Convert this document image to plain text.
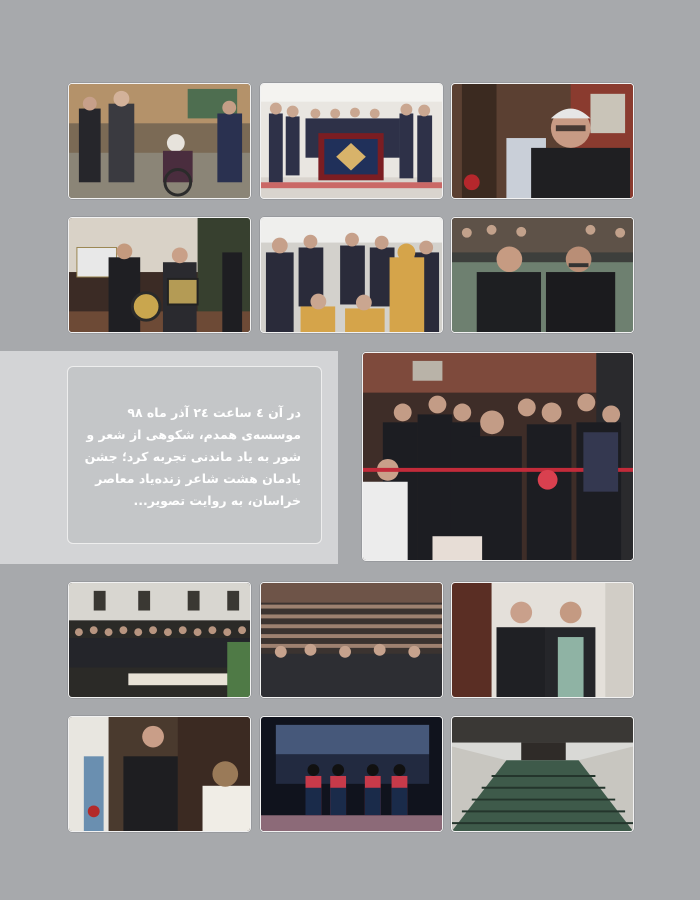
در آن ٤ ساعت ٢٤ آذر ماه ٩٨ موسسه‌ی همدم، شکوهی از شعر و شور به یاد ماندنی تجربه کرد؛ جشن یادمان هشت شاعر زنده‌یاد معاصر خراسان، به روایت تصویر...
